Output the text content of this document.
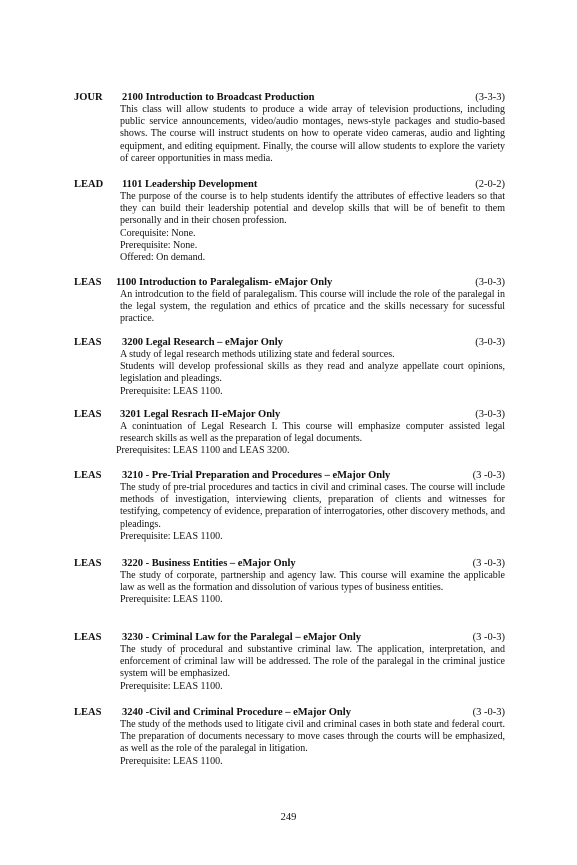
JOUR 2100 Introduction to Broadcast Production	(3-3-3)

This class will allow students to produce a wide array of television productions, including public service announcements, video/audio montages, news-style packages and studio-based shows. The course will instruct students on how to operate video cameras, audio and lighting equipment, and editing equipment. Finally, the course will allow students to explore the variety of career opportunities in mass media.

LEAD 1101 Leadership Development	(2-0-2)

The purpose of the course is to help students identify the attributes of effective leaders so that they can build their leadership potential and develop skills that will be of benefit to them personally and in their chosen profession.

Corequisite: None.
Prerequisite: None.
Offered: On demand.
LEAS 1100 Introduction to Paralegalism- eMajor Only	(3-0-3)

An introdcution to the field of paralegalism. This course will include the role of the paralegal in the legal system, the regulation and ethics of prcatice and the skills necessary for sucessful practice.

LEAS 3200 Legal Research – eMajor Only	(3-0-3)

A study of legal research methods utilizing state and federal sources.

Students will develop professional skills as they read and analyze appellate court opinions, legislation and pleadings.

Prerequisite: LEAS 1100.
LEAS 3201 Legal Resrach II-eMajor Only	(3-0-3)

A conintuation of Legal Research I. This course will emphasize computer assisted legal research skills as well as the preparation of legal documents.

Prerequisites: LEAS 1100 and LEAS 3200.
LEAS 3210 - Pre-Trial Preparation and Procedures – eMajor Only	(3 -0-3)

The study of pre-trial procedures and tactics in civil and criminal cases. The course will include methods of investigation, interviewing clients, preparation of clients and witnesses for testifying, competency of evidence, preparation of interrogatories, other discovery methods, and pleadings.

Prerequisite: LEAS 1100.
LEAS 3220 - Business Entities – eMajor Only	(3 -0-3)

The study of corporate, partnership and agency law. This course will examine the applicable law as well as the formation and dissolution of various types of business entities.

Prerequisite: LEAS 1100.
LEAS 3230 - Criminal Law for the Paralegal – eMajor Only	(3 -0-3)

The study of procedural and substantive criminal law. The application, interpretation, and enforcement of criminal law will be addressed. The role of the paralegal in the criminal justice system will be emphasized.

Prerequisite: LEAS 1100.
LEAS 3240 -Civil and Criminal Procedure – eMajor Only	(3 -0-3)

The study of the methods used to litigate civil and criminal cases in both state and federal court. The preparation of documents necessary to move cases through the courts will be emphasized, as well as the role of the paralegal in litigation.

Prerequisite: LEAS 1100.
249
